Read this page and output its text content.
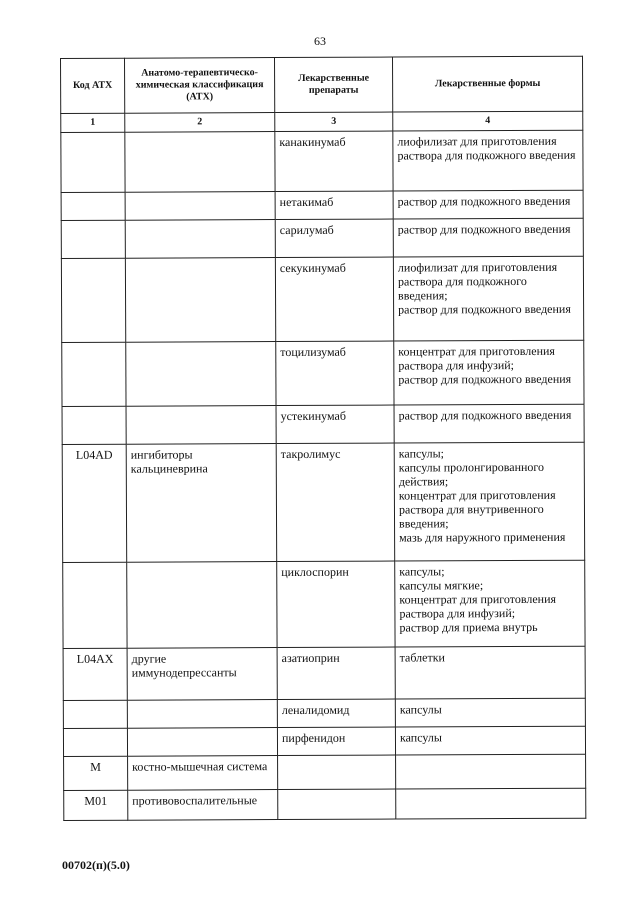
63
Код АТХ	Анатомо-терапевтическо-химическая классификация (АТХ)	Лекарственные препараты	Лекарственные формы
1	2	3	4
		канакинумаб	лиофилизат для приготовления раствора для подкожного введения

		нетакимаб	раствор для подкожного введения

		сарилумаб	раствор для подкожного введения

		секукинумаб	лиофилизат для приготовления раствора для подкожного введения;
раствор для подкожного введения

		тоцилизумаб	концентрат для приготовления раствора для инфузий;
раствор для подкожного введения

		устекинумаб	раствор для подкожного введения

L04AD	ингибиторы кальциневрина	такролимус	капсулы;
капсулы пролонгированного действия;
концентрат для приготовления раствора для внутривенного введения;
мазь для наружного применения

		циклоспорин	капсулы;
капсулы мягкие;
концентрат для приготовления раствора для инфузий;
раствор для приема внутрь

L04AX	другие иммунодепрессанты	азатиоприн	таблетки

		леналидомид	капсулы

		пирфенидон	капсулы

M	костно-мышечная система		
M01	противовоспалительные		
00702(п)(5.0)
